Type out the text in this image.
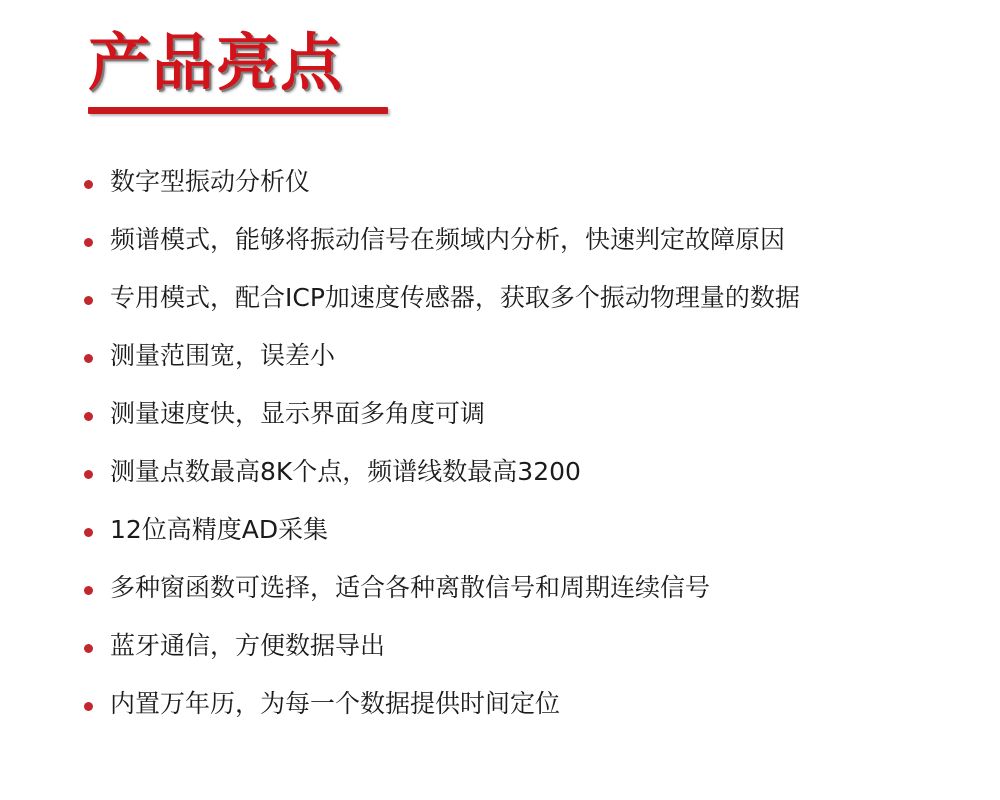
产品亮点
数字型振动分析仪
频谱模式，能够将振动信号在频域内分析，快速判定故障原因
专用模式，配合ICP加速度传感器，获取多个振动物理量的数据
测量范围宽，误差小
测量速度快，显示界面多角度可调
测量点数最高8K个点，频谱线数最高3200
12位高精度AD采集
多种窗函数可选择，适合各种离散信号和周期连续信号
蓝牙通信，方便数据导出
内置万年历，为每一个数据提供时间定位
